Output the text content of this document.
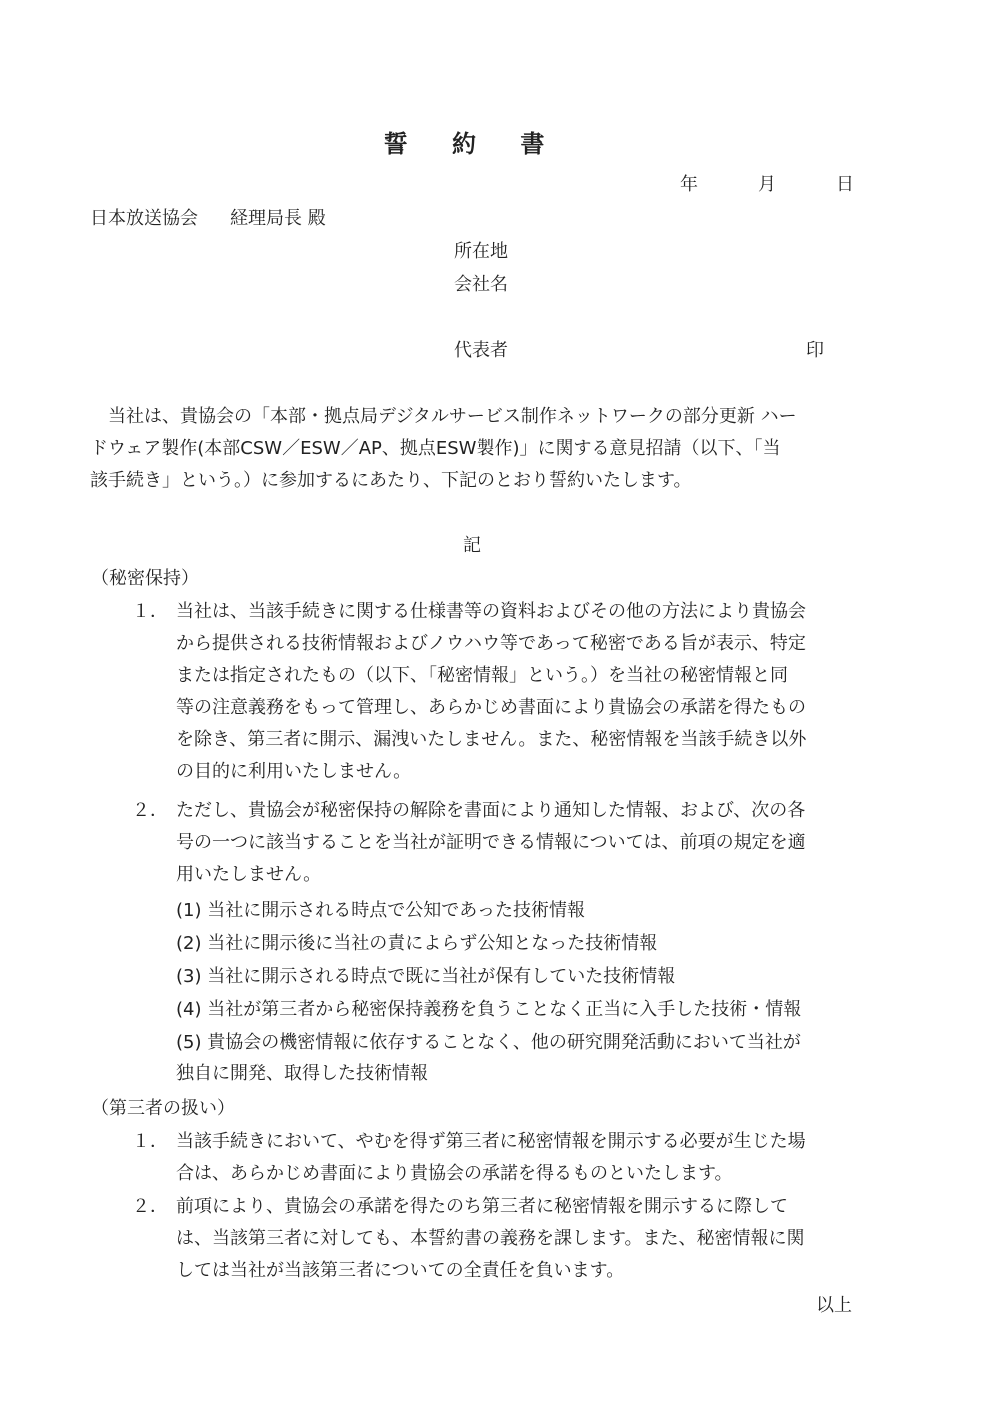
誓 約 書
年	月	日
日本放送協会 経理局長 殿
所在地
会社名
代表者	印
当社は、貴協会の「本部・拠点局デジタルサービス制作ネットワークの部分更新 ハー
ドウェア製作(本部CSW／ESW／AP、拠点ESW製作)」に関する意見招請（以下、「当
該手続き」という。）に参加するにあたり、下記のとおり誓約いたします。
記
（秘密保持）
１． 当社は、当該手続きに関する仕様書等の資料およびその他の方法により貴協会
から提供される技術情報およびノウハウ等であって秘密である旨が表示、特定
または指定されたもの（以下、「秘密情報」という。）を当社の秘密情報と同
等の注意義務をもって管理し、あらかじめ書面により貴協会の承諾を得たもの
を除き、第三者に開示、漏洩いたしません。また、秘密情報を当該手続き以外
の目的に利用いたしません。
２． ただし、貴協会が秘密保持の解除を書面により通知した情報、および、次の各
号の一つに該当することを当社が証明できる情報については、前項の規定を適
用いたしません。
(1) 当社に開示される時点で公知であった技術情報
(2) 当社に開示後に当社の責によらず公知となった技術情報
(3) 当社に開示される時点で既に当社が保有していた技術情報
(4) 当社が第三者から秘密保持義務を負うことなく正当に入手した技術・情報
(5) 貴協会の機密情報に依存することなく、他の研究開発活動において当社が
独自に開発、取得した技術情報
（第三者の扱い）
１． 当該手続きにおいて、やむを得ず第三者に秘密情報を開示する必要が生じた場
合は、あらかじめ書面により貴協会の承諾を得るものといたします。
２． 前項により、貴協会の承諾を得たのち第三者に秘密情報を開示するに際して
は、当該第三者に対しても、本誓約書の義務を課します。また、秘密情報に関
しては当社が当該第三者についての全責任を負います。
以上
